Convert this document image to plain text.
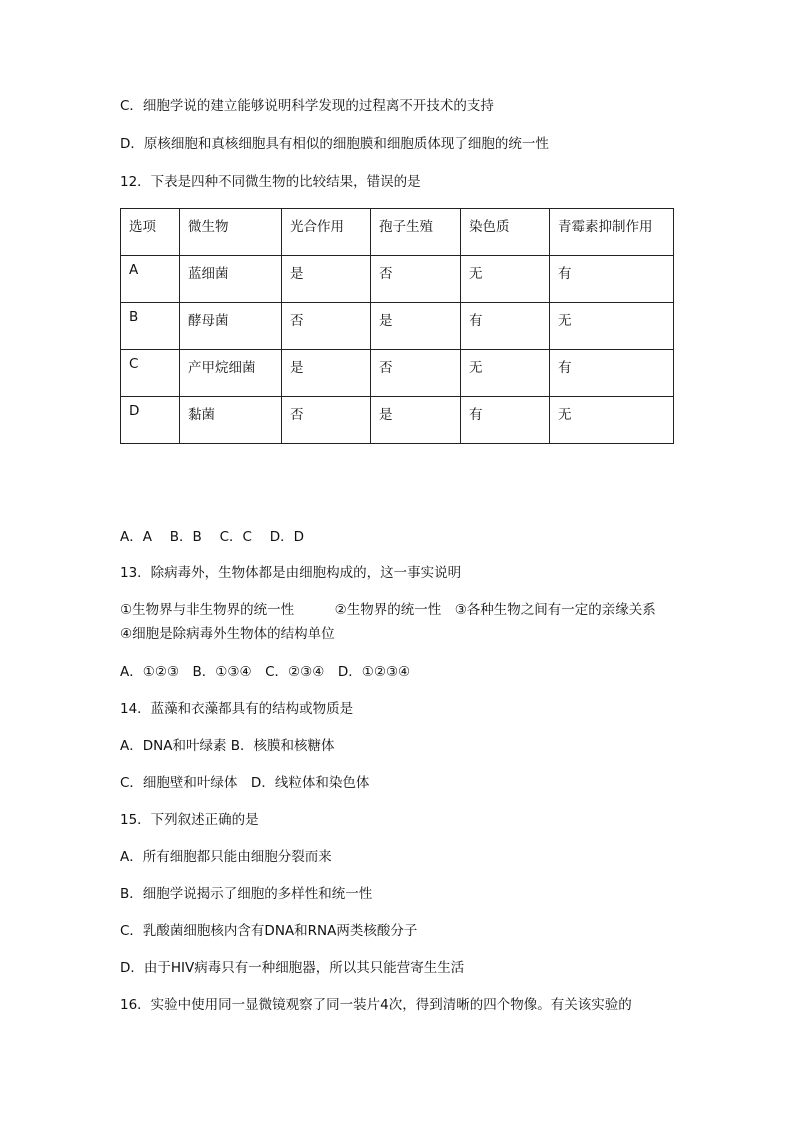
C．细胞学说的建立能够说明科学发现的过程离不开技术的支持
D．原核细胞和真核细胞具有相似的细胞膜和细胞质体现了细胞的统一性
12．下表是四种不同微生物的比较结果，错误的是
选项	微生物	光合作用	孢子生殖	染色质	青霉素抑制作用
A	蓝细菌	是	否	无	有
B	酵母菌	否	是	有	无
C	产甲烷细菌	是	否	无	有
D	黏菌	否	是	有	无
A．A　 B．B　 C．C　 D．D
13．除病毒外，生物体都是由细胞构成的，这一事实说明
①生物界与非生物界的统一性　　　②生物界的统一性　③各种生物之间有一定的亲缘关系　④细胞是除病毒外生物体的结构单位
A．①②③　B．①③④　C．②③④　D．①②③④
14．蓝藻和衣藻都具有的结构或物质是
A．DNA和叶绿素 B．核膜和核糖体
C．细胞壁和叶绿体　D．线粒体和染色体
15．下列叙述正确的是
A．所有细胞都只能由细胞分裂而来
B．细胞学说揭示了细胞的多样性和统一性
C．乳酸菌细胞核内含有DNA和RNA两类核酸分子
D．由于HIV病毒只有一种细胞器，所以其只能营寄生生活
16．实验中使用同一显微镜观察了同一装片4次，得到清晰的四个物像。有关该实验的
